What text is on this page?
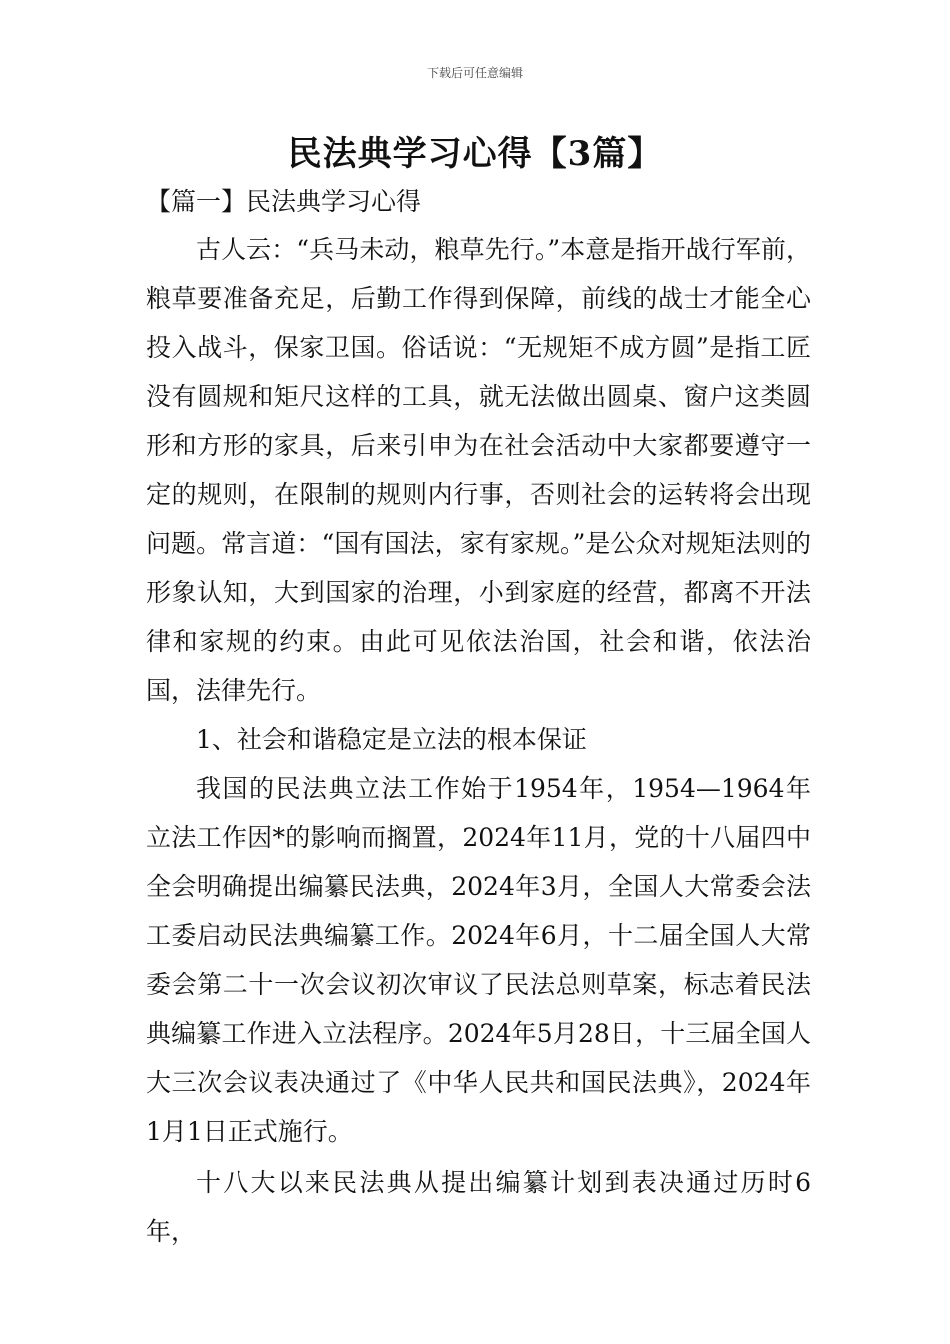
下载后可任意编辑
民法典学习心得【3篇】
【篇一】民法典学习心得

古人云：“兵马未动，粮草先行。”本意是指开战行军前，粮草要准备充足，后勤工作得到保障，前线的战士才能全心投入战斗，保家卫国。俗话说：“无规矩不成方圆”是指工匠没有圆规和矩尺这样的工具，就无法做出圆桌、窗户这类圆形和方形的家具，后来引申为在社会活动中大家都要遵守一定的规则，在限制的规则内行事，否则社会的运转将会出现问题。常言道：“国有国法，家有家规。”是公众对规矩法则的形象认知，大到国家的治理，小到家庭的经营，都离不开法律和家规的约束。由此可见依法治国，社会和谐，依法治国，法律先行。

1、社会和谐稳定是立法的根本保证

我国的民法典立法工作始于1954年，1954—1964年立法工作因*的影响而搁置，2024年11月，党的十八届四中全会明确提出编纂民法典，2024年3月，全国人大常委会法工委启动民法典编纂工作。2024年6月，十二届全国人大常委会第二十一次会议初次审议了民法总则草案，标志着民法典编纂工作进入立法程序。2024年5月28日，十三届全国人大三次会议表决通过了《中华人民共和国民法典》，2024年1月1日正式施行。

十八大以来民法典从提出编纂计划到表决通过历时6年，
